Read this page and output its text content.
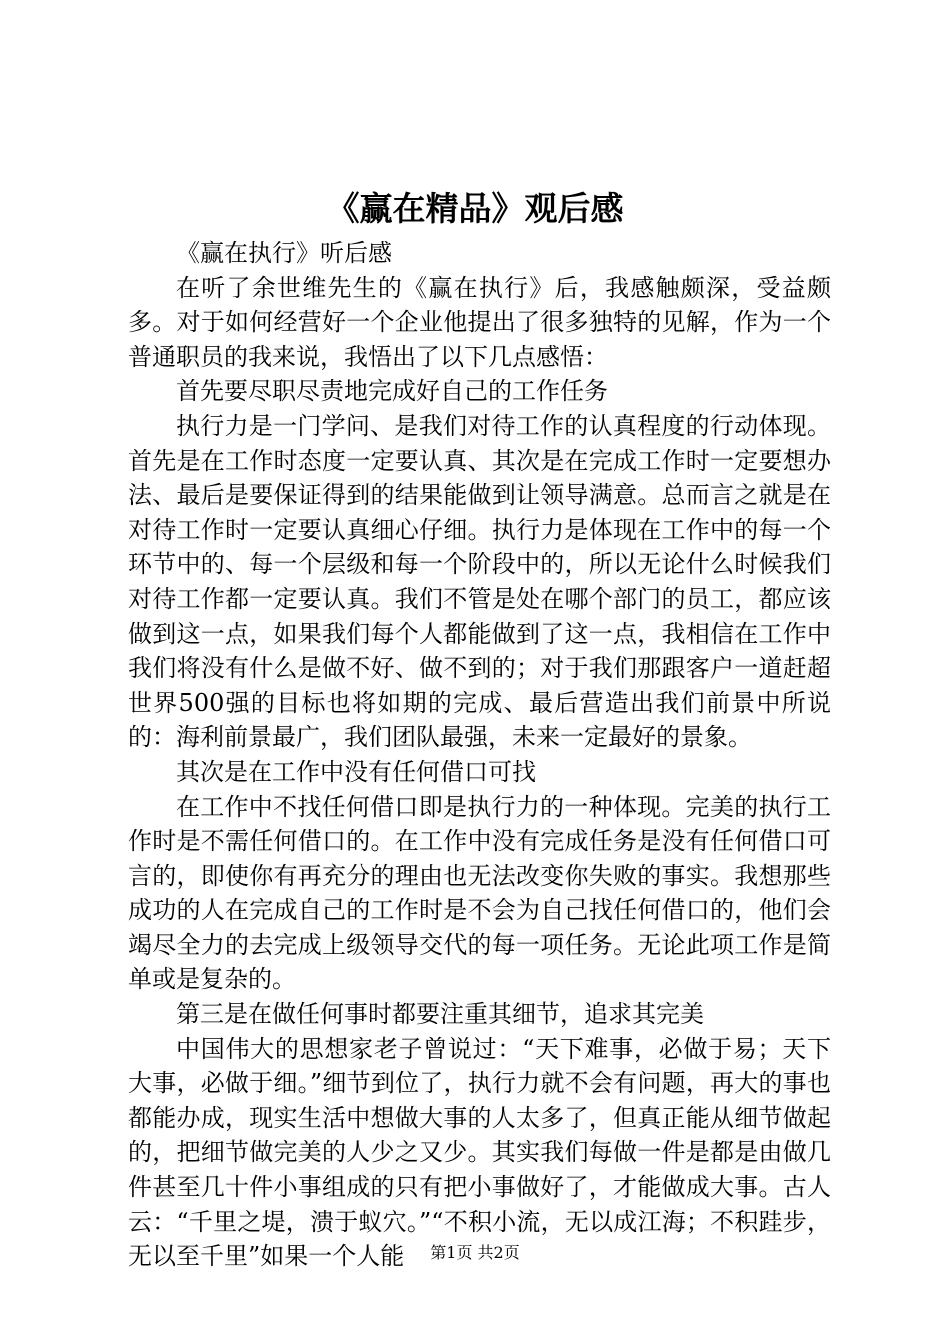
《赢在精品》观后感

《赢在执行》听后感

在听了余世维先生的《赢在执行》后，我感触颇深，受益颇多。对于如何经营好一个企业他提出了很多独特的见解，作为一个普通职员的我来说，我悟出了以下几点感悟：

首先要尽职尽责地完成好自己的工作任务

执行力是一门学问、是我们对待工作的认真程度的行动体现。首先是在工作时态度一定要认真、其次是在完成工作时一定要想办法、最后是要保证得到的结果能做到让领导满意。总而言之就是在对待工作时一定要认真细心仔细。执行力是体现在工作中的每一个环节中的、每一个层级和每一个阶段中的，所以无论什么时候我们对待工作都一定要认真。我们不管是处在哪个部门的员工，都应该做到这一点，如果我们每个人都能做到了这一点，我相信在工作中我们将没有什么是做不好、做不到的；对于我们那跟客户一道赶超世界500强的目标也将如期的完成、最后营造出我们前景中所说的：海利前景最广，我们团队最强，未来一定最好的景象。

其次是在工作中没有任何借口可找

在工作中不找任何借口即是执行力的一种体现。完美的执行工作时是不需任何借口的。在工作中没有完成任务是没有任何借口可言的，即使你有再充分的理由也无法改变你失败的事实。我想那些成功的人在完成自己的工作时是不会为自己找任何借口的，他们会竭尽全力的去完成上级领导交代的每一项任务。无论此项工作是简单或是复杂的。

第三是在做任何事时都要注重其细节，追求其完美

中国伟大的思想家老子曾说过：“天下难事，必做于易；天下大事，必做于细。”细节到位了，执行力就不会有问题，再大的事也都能办成，现实生活中想做大事的人太多了，但真正能从细节做起的，把细节做完美的人少之又少。其实我们每做一件是都是由做几件甚至几十件小事组成的只有把小事做好了，才能做成大事。古人云：“千里之堤，溃于蚁穴。”“不积小流，无以成江海；不积跬步，无以至千里”如果一个人能	第1页 共2页
